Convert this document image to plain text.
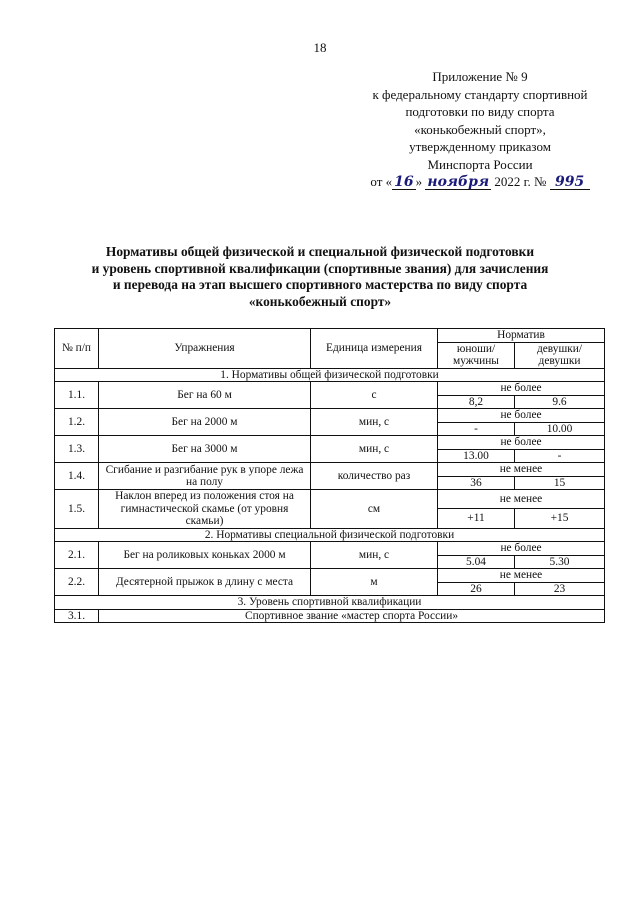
18
Приложение № 9
к федеральному стандарту спортивной
подготовки по виду спорта
«конькобежный спорт»,
утвержденному приказом
Минспорта России
от « 16 » ноября 2022 г. № 995
Нормативы общей физической и специальной физической подготовки
и уровень спортивной квалификации (спортивные звания) для зачисления
и перевода на этап высшего спортивного мастерства по виду спорта
«конькобежный спорт»
№ п/п	Упражнения	Единица измерения	Норматив	
			юноши/ мужчины	девушки/ девушки
1. Нормативы общей физической подготовки				
1.1.	Бег на 60 м	с	не более	
			8,2	9.6
1.2.	Бег на 2000 м	мин, с	не более	
			-	10.00
1.3.	Бег на 3000 м	мин, с	не более	
			13.00	-
1.4.	Сгибание и разгибание рук в упоре лежа на полу	количество раз	не менее	
			36	15
1.5.	Наклон вперед из положения стоя на гимнастической скамье (от уровня скамьи)	см	не менее	
			+11	+15
2. Нормативы специальной физической подготовки				
2.1.	Бег на роликовых коньках 2000 м	мин, с	не более	
			5.04	5.30
2.2.	Десятерной прыжок в длину с места	м	не менее	
			26	23
3. Уровень спортивной квалификации				
3.1.	Спортивное звание «мастер спорта России»			
